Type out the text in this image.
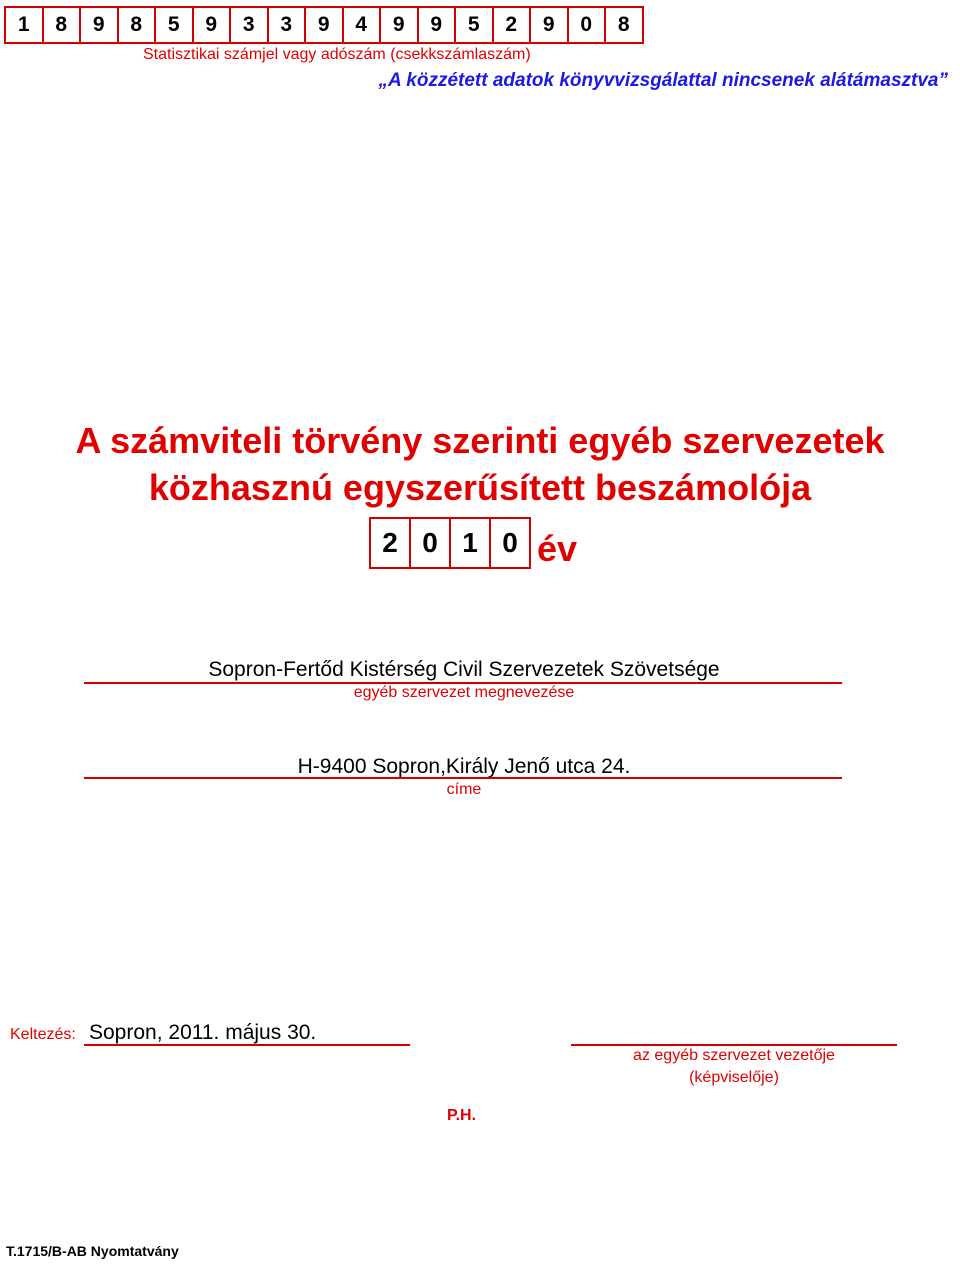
1	8	9	8	5	9	3	3	9	4	9	9	5	2	9	0	8
Statisztikai számjel vagy adószám (csekkszámlaszám)
„A közzétett adatok könyvvizsgálattal nincsenek alátámasztva”
A számviteli törvény szerinti egyéb szervezetek
közhasznú egyszerűsített beszámolója
2 0 1 0 év
Sopron-Fertőd Kistérség Civil Szervezetek Szövetsége
egyéb szervezet megnevezése
H-9400 Sopron,Király Jenő utca 24.
címe
Keltezés: Sopron, 2011. május 30.
az egyéb szervezet vezetője
(képviselője)
P.H.
T.1715/B-AB Nyomtatvány
